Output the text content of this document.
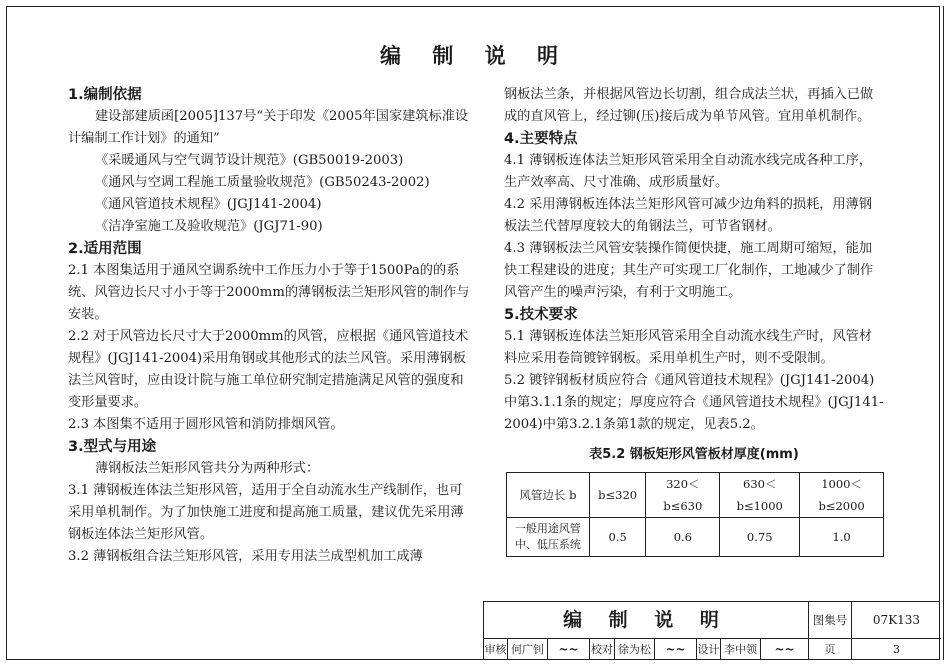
编 制 说 明
1.编制依据

建设部建质函[2005]137号“关于印发《2005年国家建筑标准设计编制工作计划》的通知”

《采暖通风与空气调节设计规范》(GB50019-2003)

《通风与空调工程施工质量验收规范》(GB50243-2002)

《通风管道技术规程》(JGJ141-2004)

《洁净室施工及验收规范》(JGJ71-90)

2.适用范围

2.1 本图集适用于通风空调系统中工作压力小于等于1500Pa的的系统、风管边长尺寸小于等于2000mm的薄钢板法兰矩形风管的制作与安装。

2.2 对于风管边长尺寸大于2000mm的风管，应根据《通风管道技术规程》(JGJ141-2004)采用角钢或其他形式的法兰风管。采用薄钢板法兰风管时，应由设计院与施工单位研究制定措施满足风管的强度和变形量要求。

2.3 本图集不适用于圆形风管和消防排烟风管。

3.型式与用途

薄钢板法兰矩形风管共分为两种形式：

3.1 薄钢板连体法兰矩形风管，适用于全自动流水生产线制作，也可采用单机制作。为了加快施工进度和提高施工质量，建议优先采用薄钢板连体法兰矩形风管。

3.2 薄钢板组合法兰矩形风管，采用专用法兰成型机加工成薄

钢板法兰条，并根据风管边长切割，组合成法兰状，再插入已做成的直风管上，经过铆(压)接后成为单节风管。宜用单机制作。

4.主要特点

4.1 薄钢板连体法兰矩形风管采用全自动流水线完成各种工序，生产效率高、尺寸准确、成形质量好。

4.2 采用薄钢板连体法兰矩形风管可减少边角料的损耗，用薄钢板法兰代替厚度较大的角钢法兰，可节省钢材。

4.3 薄钢板法兰风管安装操作简便快捷，施工周期可缩短，能加快工程建设的进度；其生产可实现工厂化制作，工地减少了制作风管产生的噪声污染，有利于文明施工。

5.技术要求

5.1 薄钢板连体法兰矩形风管采用全自动流水线生产时，风管材料应采用卷筒镀锌钢板。采用单机生产时，则不受限制。

5.2 镀锌钢板材质应符合《通风管道技术规程》(JGJ141-2004)中第3.1.1条的规定；厚度应符合《通风管道技术规程》(JGJ141-2004)中第3.2.1条第1款的规定，见表5.2。

表5.2 钢板矩形风管板材厚度(mm)
风管边长 b	b≤320	320＜b≤630	630＜b≤1000	1000＜b≤2000
一般用途风管
中、低压系统	0.5	0.6	0.75	1.0
编 制 说 明	图集号	07K133
审核 何广钊	~~	校对 徐为松	~~	设计 李中领	~~	页	3
